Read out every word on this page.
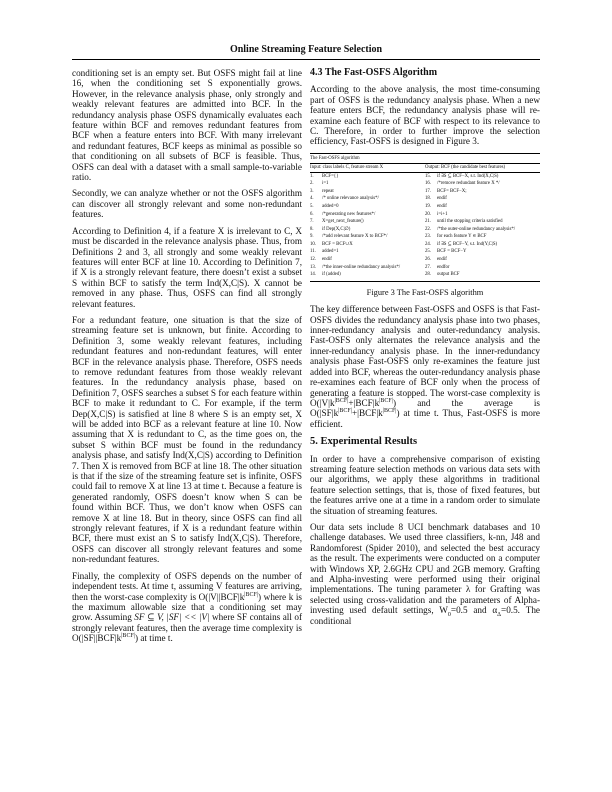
Online Streaming Feature Selection

conditioning set is an empty set. But OSFS might fail at line 16, when the conditioning set S exponentially grows. However, in the relevance analysis phase, only strongly and weakly relevant features are admitted into BCF. In the redundancy analysis phase OSFS dynamically evaluates each feature within BCF and removes redundant features from BCF when a feature enters into BCF. With many irrelevant and redundant features, BCF keeps as minimal as possible so that conditioning on all subsets of BCF is feasible. Thus, OSFS can deal with a dataset with a small sample-to-variable ratio.

Secondly, we can analyze whether or not the OSFS algorithm can discover all strongly relevant and some non-redundant features.

According to Definition 4, if a feature X is irrelevant to C, X must be discarded in the relevance analysis phase. Thus, from Definitions 2 and 3, all strongly and some weakly relevant features will enter BCF at line 10. According to Definition 7, if X is a strongly relevant feature, there doesn’t exist a subset S within BCF to satisfy the term Ind(X,C|S). X cannot be removed in any phase. Thus, OSFS can find all strongly relevant features.

For a redundant feature, one situation is that the size of streaming feature set is unknown, but finite. According to Definition 3, some weakly relevant features, including redundant features and non-redundant features, will enter BCF in the relevance analysis phase. Therefore, OSFS needs to remove redundant features from those weakly relevant features. In the redundancy analysis phase, based on Definition 7, OSFS searches a subset S for each feature within BCF to make it redundant to C. For example, if the term Dep(X,C|S) is satisfied at line 8 where S is an empty set, X will be added into BCF as a relevant feature at line 10. Now assuming that X is redundant to C, as the time goes on, the subset S within BCF must be found in the redundancy analysis phase, and satisfy Ind(X,C|S) according to Definition 7. Then X is removed from BCF at line 18. The other situation is that if the size of the streaming feature set is infinite, OSFS could fail to remove X at line 13 at time t. Because a feature is generated randomly, OSFS doesn’t know when S can be found within BCF. Thus, we don’t know when OSFS can remove X at line 18. But in theory, since OSFS can find all strongly relevant features, if X is a redundant feature within BCF, there must exist an S to satisfy Ind(X,C|S). Therefore, OSFS can discover all strongly relevant features and some non-redundant features.

Finally, the complexity of OSFS depends on the number of independent tests. At time t, assuming V features are arriving, then the worst-case complexity is $O(|V||BCF|k^{|BCF|})$ where k is the maximum allowable size that a conditioning set may grow. Assuming SF ⊆ V, |SF| << |V| where SF contains all of strongly relevant features, then the average time complexity is $O(|SF||BCF|k^{|BCF|})$ at time t.

4.3 The Fast-OSFS Algorithm

According to the above analysis, the most time-consuming part of OSFS is the redundancy analysis phase. When a new feature enters BCF, the redundancy analysis phase will re-examine each feature of BCF with respect to its relevance to C. Therefore, in order to further improve the selection efficiency, Fast-OSFS is designed in Figure 3.

The Fast-OSFS algorithm
Input: class labels C, feature stream X	Output: BCF (the candidate best features)
1.	BCF={}
2.	i=1
3.	repeat
4.	/* online relevance analysis*/
5.	added=0
6.	/*generating new features*/
7.	X=get_next_feature()
8.	if Dep(X,C|∅)
9.	/*add relevant feature X to BCF*/
10.	BCF = BCF∪X
11.	added=1
12.	endif
13.	/*the inner-online redundancy analysis*/
14.	if (added)
15.	if ∃S ⊆ BCF−X, s.t. Ind(X,C|S)
16.	/*remove redundant feature X */
17.	BCF= BCF−X;
18.	endif
19.	endif
20.	i=i+1
21.	until the stopping criteria satisfied
22.	/*the outer-online redundancy analysis*/
23.	for each feature Y ∈ BCF
24.	if ∃S ⊆ BCF−Y, s.t. Ind(Y,C|S)
25.	BCF = BCF−Y
26.	endif
27.	endfor
28.	output BCF
Figure 3 The Fast-OSFS algorithm

The key difference between Fast-OSFS and OSFS is that Fast-OSFS divides the redundancy analysis phase into two phases, inner-redundancy analysis and outer-redundancy analysis. Fast-OSFS only alternates the relevance analysis and the inner-redundancy analysis phase. In the inner-redundancy analysis phase Fast-OSFS only re-examines the feature just added into BCF, whereas the outer-redundancy analysis phase re-examines each feature of BCF only when the process of generating a feature is stopped. The worst-case complexity is $O(|V|k^{|BCF|}+|BCF|k^{|BCF|})$ and the average is $O(|SF|k^{|BCF|}+|BCF|k^{|BCF|})$ at time t. Thus, Fast-OSFS is more efficient.

5. Experimental Results

In order to have a comprehensive comparison of existing streaming feature selection methods on various data sets with our algorithms, we apply these algorithms in traditional feature selection settings, that is, those of fixed features, but the features arrive one at a time in a random order to simulate the situation of streaming features.

Our data sets include 8 UCI benchmark databases and 10 challenge databases. We used three classifiers, k-nn, J48 and Randomforest (Spider 2010), and selected the best accuracy as the result. The experiments were conducted on a computer with Windows XP, 2.6GHz CPU and 2GB memory. Grafting and Alpha-investing were performed using their original implementations. The tuning parameter λ for Grafting was selected using cross-validation and the parameters of Alpha-investing used default settings, $W_0=0.5$ and $\alpha_\Delta=0.5$. The conditional
